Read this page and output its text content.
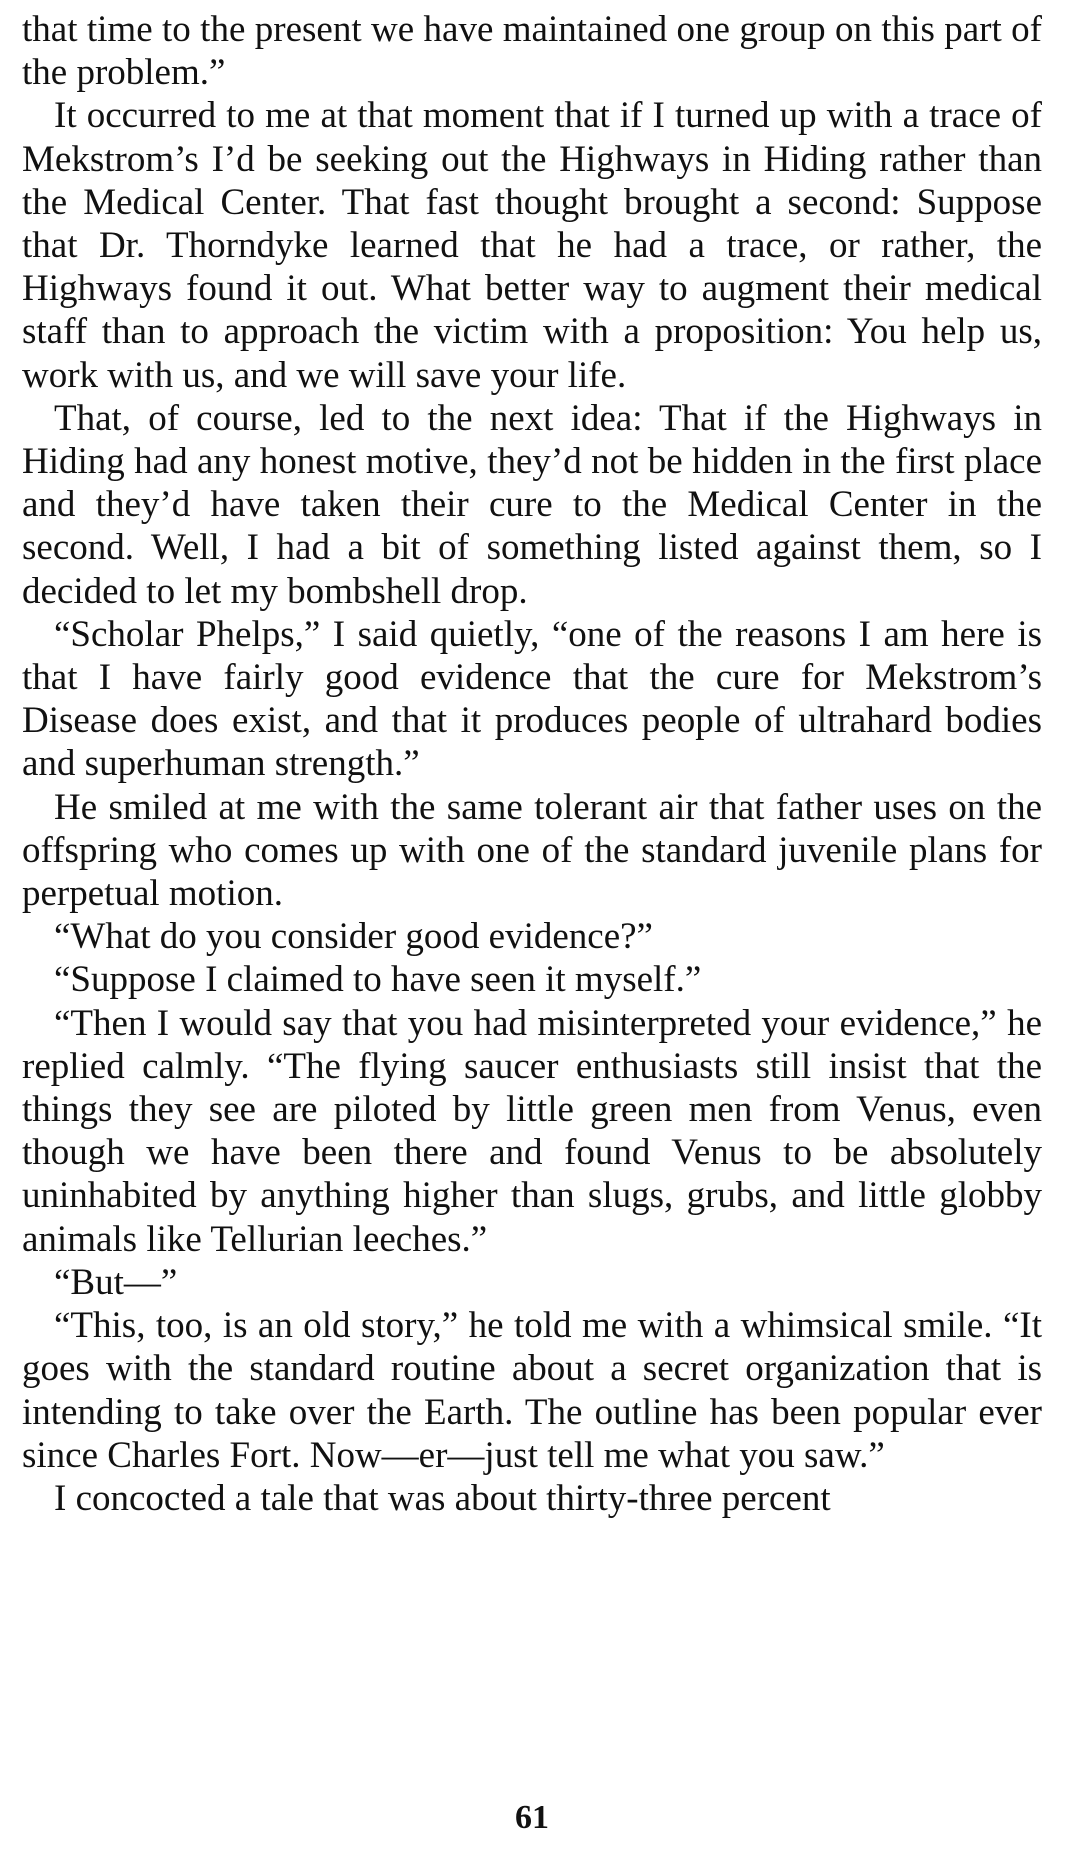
that time to the present we have maintained one group on this part of the problem.”

It occurred to me at that moment that if I turned up with a trace of Mekstrom’s I’d be seeking out the Highways in Hiding rather than the Medical Center. That fast thought brought a second: Suppose that Dr. Thorndyke learned that he had a trace, or rather, the Highways found it out. What better way to augment their medical staff than to approach the victim with a proposition: You help us, work with us, and we will save your life.

That, of course, led to the next idea: That if the Highways in Hiding had any honest motive, they’d not be hidden in the first place and they’d have taken their cure to the Medical Center in the second. Well, I had a bit of something listed against them, so I decided to let my bombshell drop.

“Scholar Phelps,” I said quietly, “one of the reasons I am here is that I have fairly good evidence that the cure for Mekstrom’s Disease does exist, and that it produces people of ultrahard bodies and superhuman strength.”

He smiled at me with the same tolerant air that father uses on the offspring who comes up with one of the standard juvenile plans for perpetual motion.

“What do you consider good evidence?”

“Suppose I claimed to have seen it myself.”

“Then I would say that you had misinterpreted your evidence,” he replied calmly. “The flying saucer enthusiasts still insist that the things they see are piloted by little green men from Venus, even though we have been there and found Venus to be absolutely uninhabited by anything higher than slugs, grubs, and little globby animals like Tellurian leeches.”

“But—”

“This, too, is an old story,” he told me with a whimsical smile. “It goes with the standard routine about a secret organization that is intending to take over the Earth. The outline has been popular ever since Charles Fort. Now—er—just tell me what you saw.”

I concocted a tale that was about thirty-three percent

61
